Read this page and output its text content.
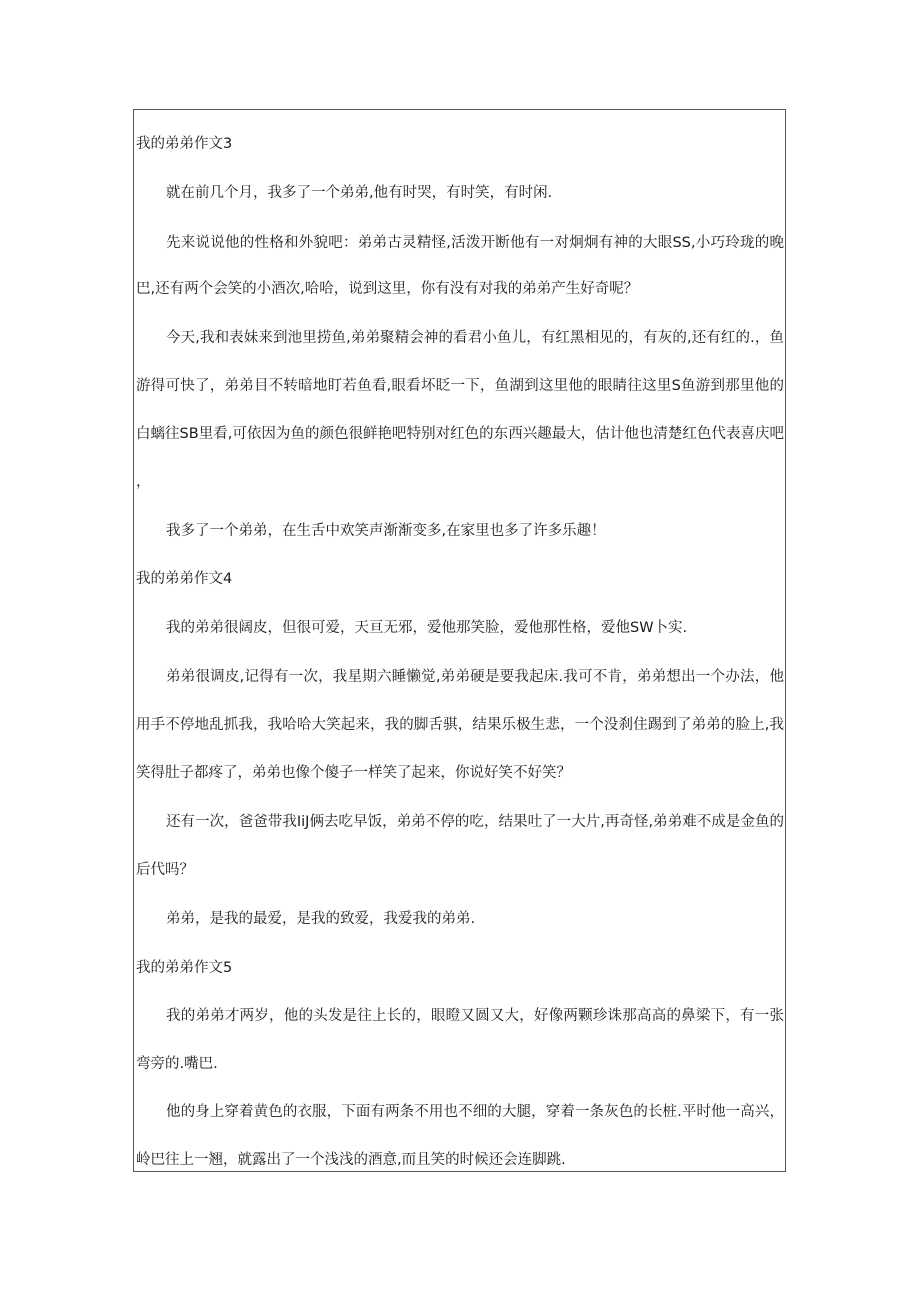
我的弟弟作文3
就在前几个月，我多了一个弟弟,他有时哭，有时笑，有时闲.
先来说说他的性格和外貌吧：弟弟古灵精怪,活泼开断他有一对炯炯有神的大眼SS,小巧玲珑的晚
巴,还有两个会笑的小酒次,哈哈，说到这里，你有没有对我的弟弟产生好奇呢？
今天,我和表妹来到池里捞鱼,弟弟聚精会神的看君小鱼儿，有红黑相见的，有灰的,还有红的.，鱼
游得可快了，弟弟目不转暗地盯若鱼看,眼看坏眨一下，鱼湖到这里他的眼睛往这里S鱼游到那里他的
白螭往SB里看,可依因为鱼的颜色很鲜艳吧特别对红色的东西兴趣最大，估计他也清楚红色代表喜庆吧
，
我多了一个弟弟，在生舌中欢笑声渐渐变多,在家里也多了许多乐趣！
我的弟弟作文4
我的弟弟很阔皮，但很可爱，天亘无邪，爱他那笑脸，爱他那性格，爱他SW卜实.
弟弟很调皮,记得有一次，我星期六睡懒觉,弟弟硬是要我起床.我可不肯，弟弟想出一个办法，他
用手不停地乱抓我，我哈哈大笑起来，我的脚舌骐，结果乐极生悲，一个没刹住踢到了弟弟的脸上,我
笑得肚子都疼了，弟弟也像个傻子一样笑了起来，你说好笑不好笑？
还有一次，爸爸带我IiJ俩去吃早饭，弟弟不停的吃，结果吐了一大片,再奇怪,弟弟难不成是金鱼的
后代吗？
弟弟，是我的最爱，是我的致爱，我爱我的弟弟.
我的弟弟作文5
我的弟弟才两岁，他的头发是往上长的，眼瞪又圆又大，好像两颗珍诛那高高的鼻梁下，有一张
弯旁的.嘴巴.
他的身上穿着黄色的衣服，下面有两条不用也不细的大腿，穿着一条灰色的长桩.平时他一高兴，
岭巴往上一翘，就露出了一个浅浅的酒意,而且笑的时候还会连脚跳.
